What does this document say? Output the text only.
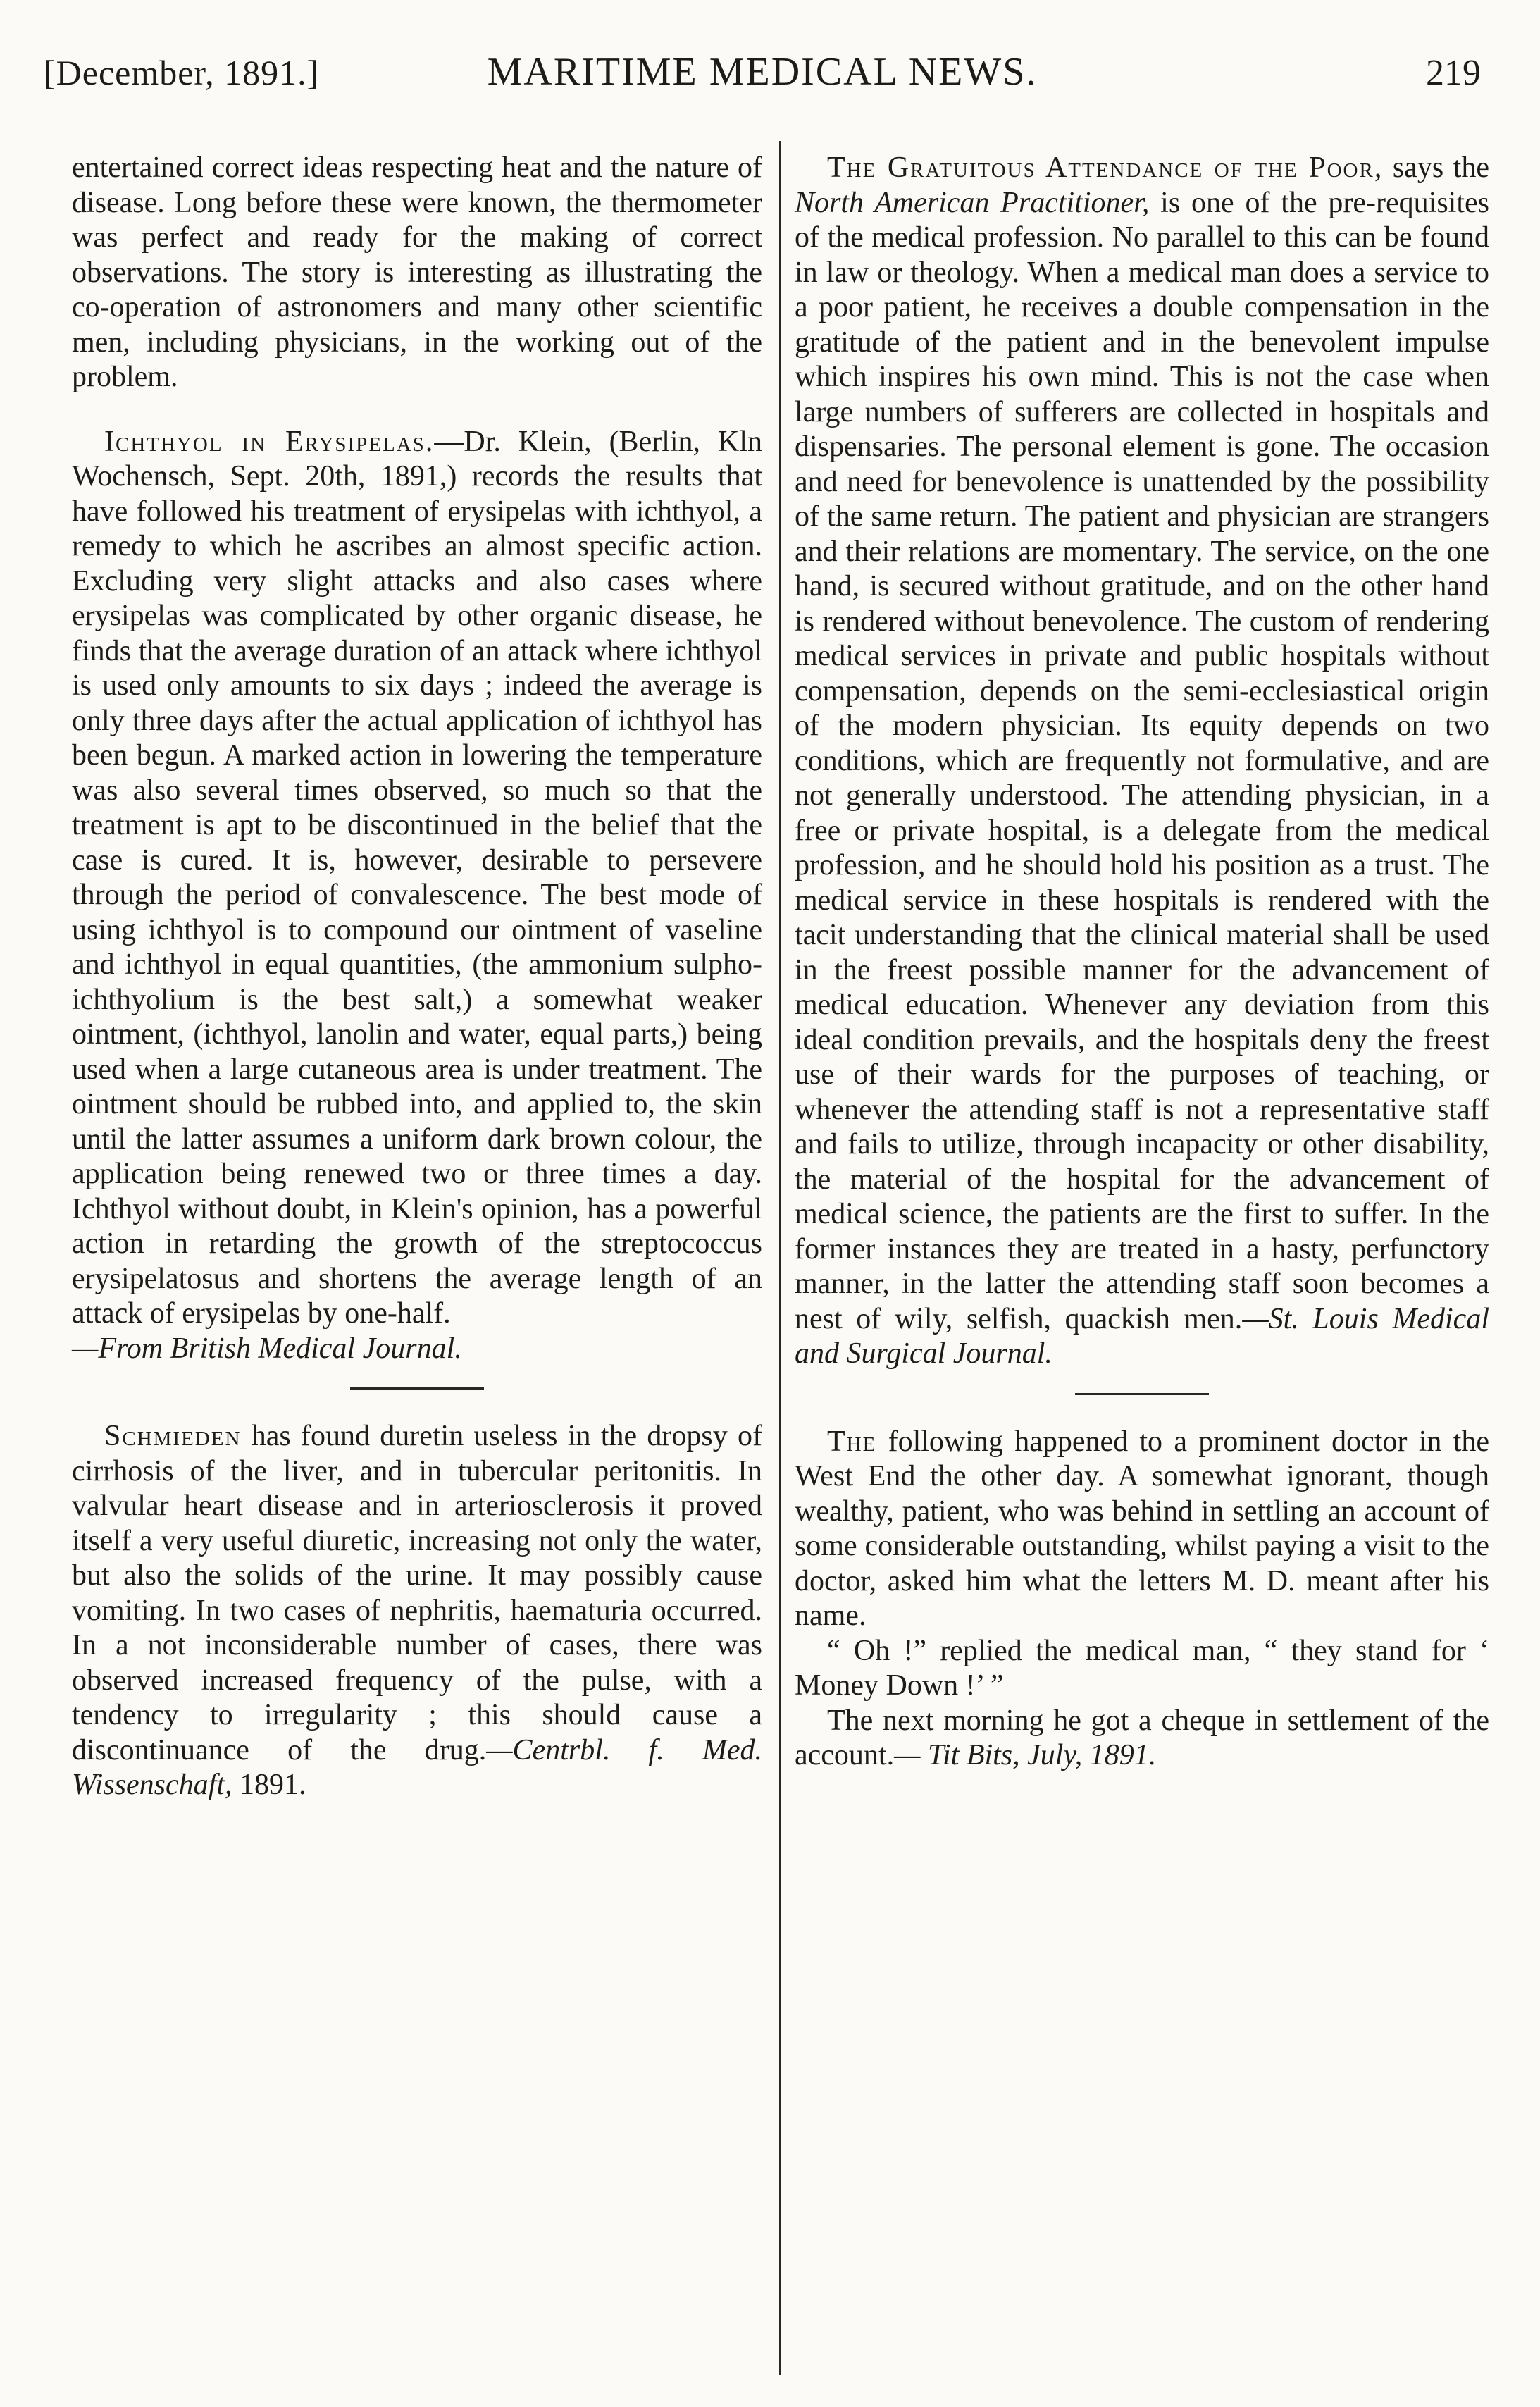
[December, 1891.]	MARITIME MEDICAL NEWS.	219

entertained correct ideas respecting heat and the nature of disease. Long before these were known, the thermometer was perfect and ready for the making of correct observations. The story is interesting as illustrating the co-operation of astronomers and many other scientific men, including physicians, in the working out of the problem.

Ichthyol in Erysipelas.—Dr. Klein, (Berlin, Kln Wochensch, Sept. 20th, 1891,) records the results that have followed his treatment of erysipelas with ichthyol, a remedy to which he ascribes an almost specific action. Excluding very slight attacks and also cases where erysipelas was complicated by other organic disease, he finds that the average duration of an attack where ichthyol is used only amounts to six days ; indeed the average is only three days after the actual application of ichthyol has been begun. A marked action in lowering the temperature was also several times observed, so much so that the treatment is apt to be discontinued in the belief that the case is cured. It is, however, desirable to persevere through the period of convalescence. The best mode of using ichthyol is to compound our ointment of vaseline and ichthyol in equal quantities, (the ammonium sulpho-ichthyolium is the best salt,) a somewhat weaker ointment, (ichthyol, lanolin and water, equal parts,) being used when a large cutaneous area is under treatment. The ointment should be rubbed into, and applied to, the skin until the latter assumes a uniform dark brown colour, the application being renewed two or three times a day. Ichthyol without doubt, in Klein's opinion, has a powerful action in retarding the growth of the streptococcus erysipelatosus and shortens the average length of an attack of erysipelas by one-half.
—From British Medical Journal.

Schmieden has found duretin useless in the dropsy of cirrhosis of the liver, and in tubercular peritonitis. In valvular heart disease and in arteriosclerosis it proved itself a very useful diuretic, increasing not only the water, but also the solids of the urine. It may possibly cause vomiting. In two cases of nephritis, haematuria occurred. In a not inconsiderable number of cases, there was observed increased frequency of the pulse, with a tendency to irregularity ; this should cause a discontinuance of the drug.—Centrbl. f. Med. Wissenschaft, 1891.

The Gratuitous Attendance of the Poor, says the North American Practitioner, is one of the pre-requisites of the medical profession. No parallel to this can be found in law or theology. When a medical man does a service to a poor patient, he receives a double compensation in the gratitude of the patient and in the benevolent impulse which inspires his own mind. This is not the case when large numbers of sufferers are collected in hospitals and dispensaries. The personal element is gone. The occasion and need for benevolence is unattended by the possibility of the same return. The patient and physician are strangers and their relations are momentary. The service, on the one hand, is secured without gratitude, and on the other hand is rendered without benevolence. The custom of rendering medical services in private and public hospitals without compensation, depends on the semi-ecclesiastical origin of the modern physician. Its equity depends on two conditions, which are frequently not formulative, and are not generally understood. The attending physician, in a free or private hospital, is a delegate from the medical profession, and he should hold his position as a trust. The medical service in these hospitals is rendered with the tacit understanding that the clinical material shall be used in the freest possible manner for the advancement of medical education. Whenever any deviation from this ideal condition prevails, and the hospitals deny the freest use of their wards for the purposes of teaching, or whenever the attending staff is not a representative staff and fails to utilize, through incapacity or other disability, the material of the hospital for the advancement of medical science, the patients are the first to suffer. In the former instances they are treated in a hasty, perfunctory manner, in the latter the attending staff soon becomes a nest of wily, selfish, quackish men.—St. Louis Medical and Surgical Journal.

The following happened to a prominent doctor in the West End the other day. A somewhat ignorant, though wealthy, patient, who was behind in settling an account of some considerable outstanding, whilst paying a visit to the doctor, asked him what the letters M. D. meant after his name.

“ Oh !” replied the medical man, “ they stand for ‘ Money Down !’ ”

The next morning he got a cheque in settlement of the account.— Tit Bits, July, 1891.
